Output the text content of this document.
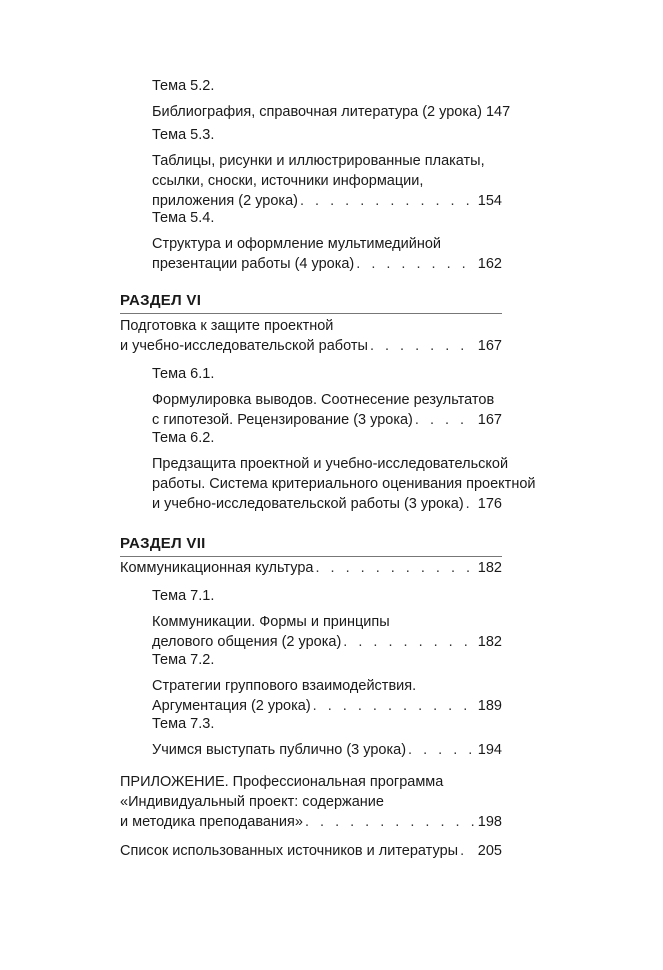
Тема 5.2.
Библиография, справочная литература (2 урока) 147
Тема 5.3.
Таблицы, рисунки и иллюстрированные плакаты,
ссылки, сноски, источники информации,
приложения (2 урока) . . .	154
Тема 5.4.
Структура и оформление мультимедийной
презентации работы (4 урока) . . .	162
РАЗДЕЛ VI
Подготовка к защите проектной
и учебно-исследовательской работы . . .	167
Тема 6.1.
Формулировка выводов. Соотнесение результатов
с гипотезой. Рецензирование (3 урока) . . .	167
Тема 6.2.
Предзащита проектной и учебно-исследовательской
работы. Система критериального оценивания проектной
и учебно-исследовательской работы (3 урока) . . . 176
РАЗДЕЛ VII
Коммуникационная культура . . .	182
Тема 7.1.
Коммуникации. Формы и принципы
делового общения (2 урока) . . .	182
Тема 7.2.
Стратегии группового взаимодействия.
Аргументация (2 урока) . . .	189
Тема 7.3.
Учимся выступать публично (3 урока) . . .	194
ПРИЛОЖЕНИЕ. Профессиональная программа
«Индивидуальный проект: содержание
и методика преподавания» . . .	198
Список использованных источников и литературы . . . 205
